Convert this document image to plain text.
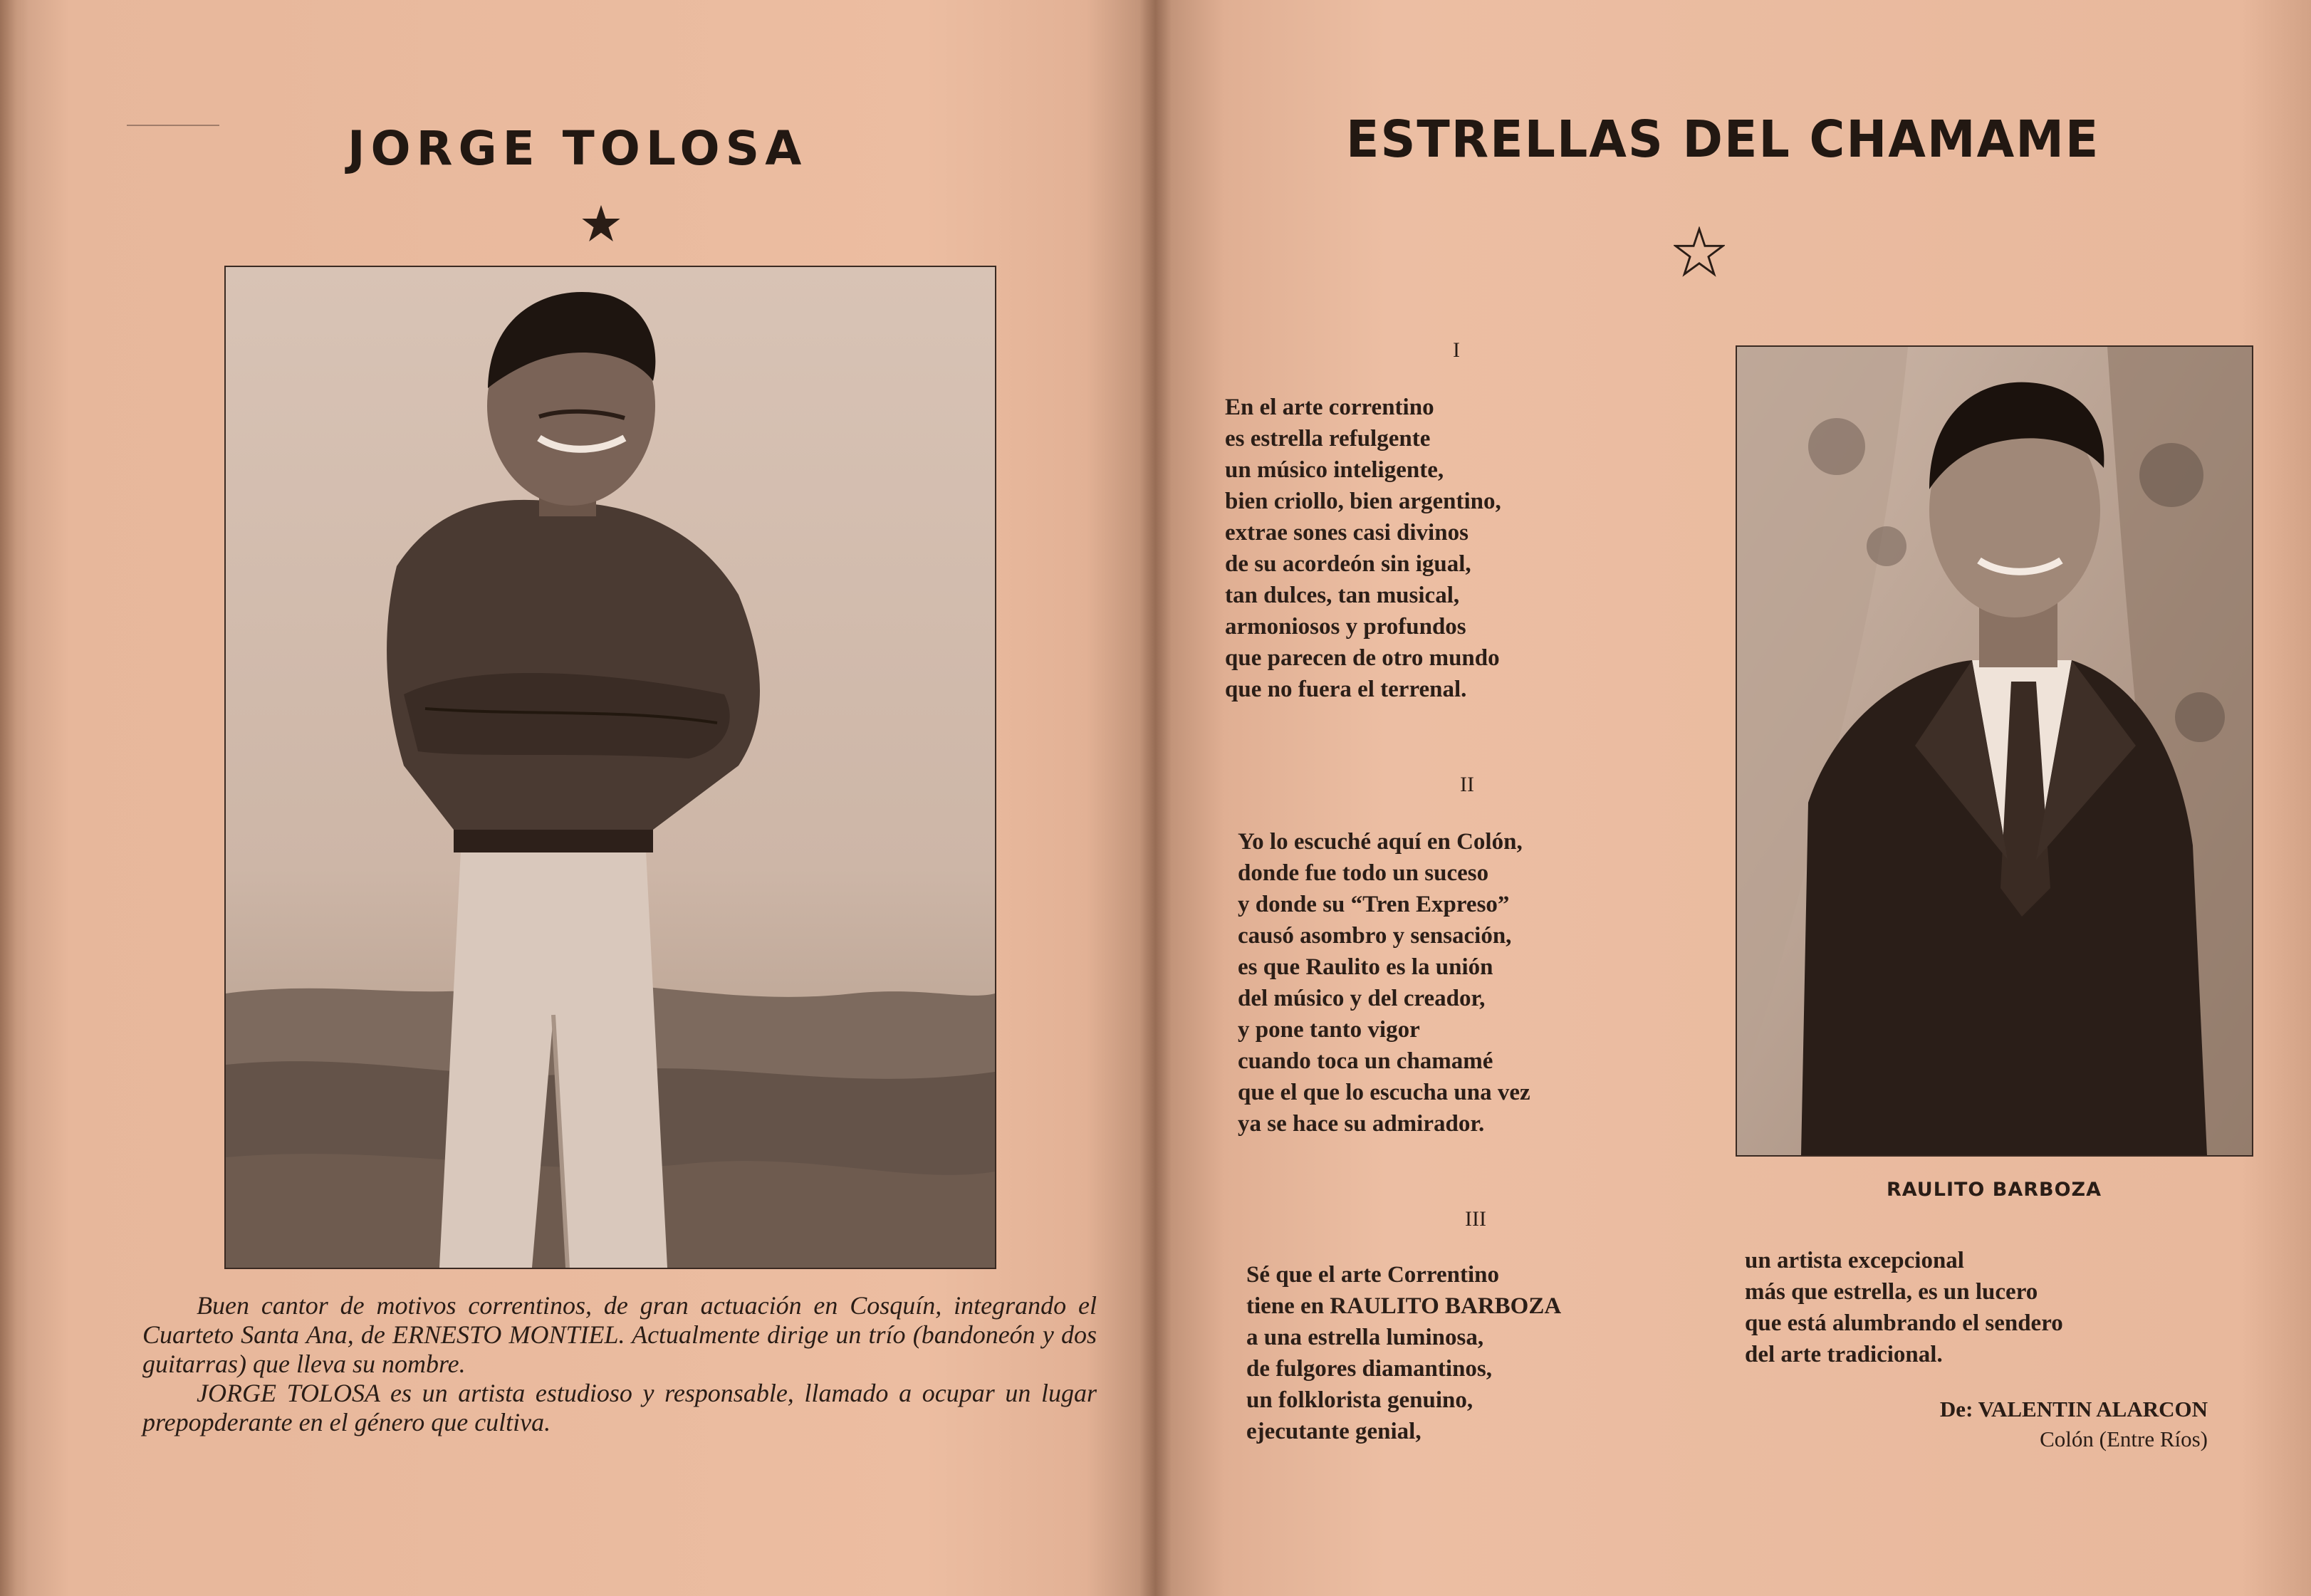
JORGE TOLOSA

Buen cantor de motivos correntinos, de gran actuación en Cosquín, integrando el Cuarteto Santa Ana, de ERNESTO MONTIEL. Actualmente dirige un trío (bandoneón y dos guitarras) que lleva su nombre.

JORGE TOLOSA es un artista estudioso y responsable, llamado a ocupar un lugar prepopderante en el género que cultiva.

ESTRELLAS DEL CHAMAME
I
En el arte correntino
es estrella refulgente
un músico inteligente,
bien criollo, bien argentino,
extrae sones casi divinos
de su acordeón sin igual,
tan dulces, tan musical,
armoniosos y profundos
que parecen de otro mundo
que no fuera el terrenal.
II
Yo lo escuché aquí en Colón,
donde fue todo un suceso
y donde su “Tren Expreso”
causó asombro y sensación,
es que Raulito es la unión
del músico y del creador,
y pone tanto vigor
cuando toca un chamamé
que el que lo escucha una vez
ya se hace su admirador.
RAULITO BARBOZA
III
Sé que el arte Correntino
tiene en RAULITO BARBOZA
a una estrella luminosa,
de fulgores diamantinos,
un folklorista genuino,
ejecutante genial,
un artista excepcional
más que estrella, es un lucero
que está alumbrando el sendero
del arte tradicional.
De: VALENTIN ALARCON
Colón (Entre Ríos)
